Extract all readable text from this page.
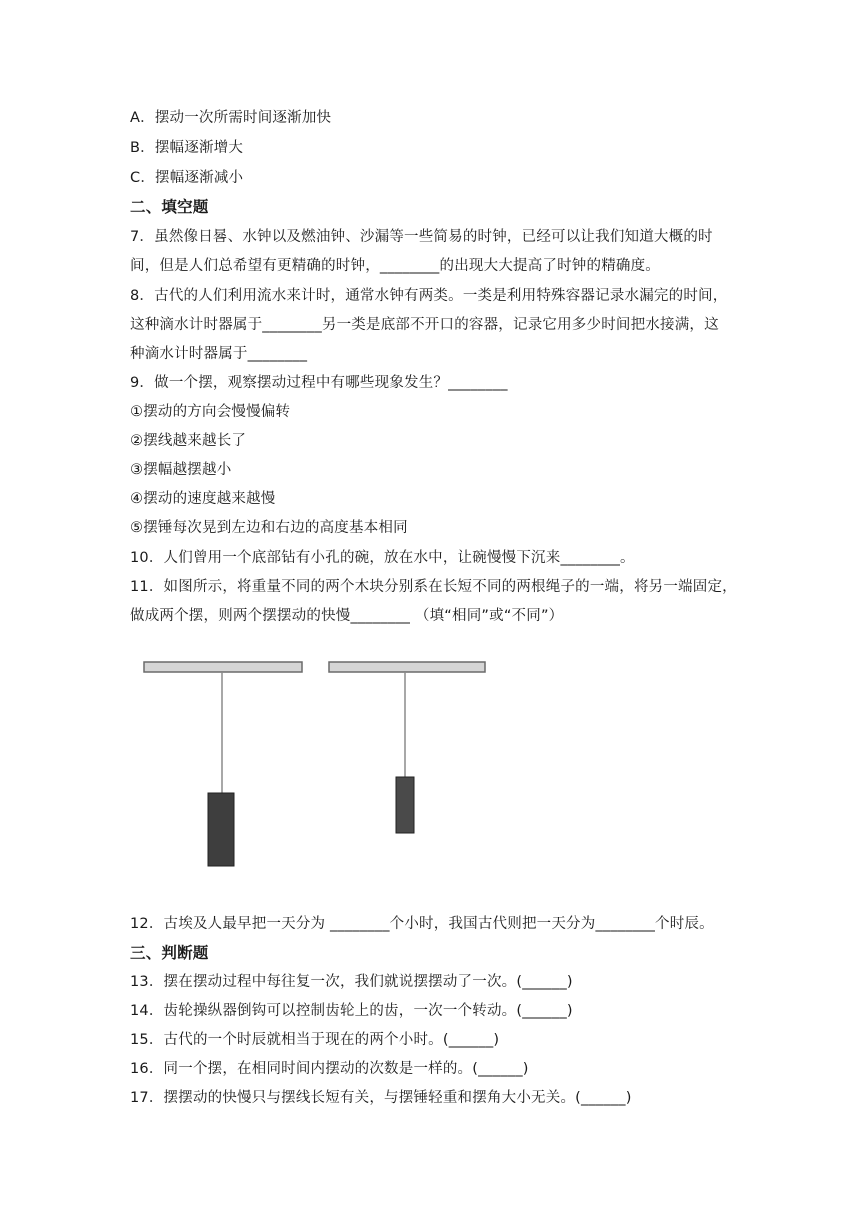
A．摆动一次所需时间逐渐加快
B．摆幅逐渐增大
C．摆幅逐渐减小
二、填空题
7．虽然像日晷、水钟以及燃油钟、沙漏等一些简易的时钟，已经可以让我们知道大概的时
间，但是人们总希望有更精确的时钟，________的出现大大提高了时钟的精确度。
8．古代的人们利用流水来计时，通常水钟有两类。一类是利用特殊容器记录水漏完的时间，
这种滴水计时器属于________另一类是底部不开口的容器，记录它用多少时间把水接满，这
种滴水计时器属于________
9．做一个摆，观察摆动过程中有哪些现象发生？________
①摆动的方向会慢慢偏转
②摆线越来越长了
③摆幅越摆越小
④摆动的速度越来越慢
⑤摆锤每次晃到左边和右边的高度基本相同
10．人们曾用一个底部钻有小孔的碗，放在水中，让碗慢慢下沉来________。
11．如图所示，将重量不同的两个木块分别系在长短不同的两根绳子的一端，将另一端固定，
做成两个摆，则两个摆摆动的快慢________ （填“相同”或“不同”）
12．古埃及人最早把一天分为 ________个小时，我国古代则把一天分为________个时辰。
三、判断题
13．摆在摆动过程中每往复一次，我们就说摆摆动了一次。(______)
14．齿轮操纵器倒钩可以控制齿轮上的齿，一次一个转动。(______)
15．古代的一个时辰就相当于现在的两个小时。(______)
16．同一个摆，在相同时间内摆动的次数是一样的。(______)
17．摆摆动的快慢只与摆线长短有关，与摆锤轻重和摆角大小无关。(______)
